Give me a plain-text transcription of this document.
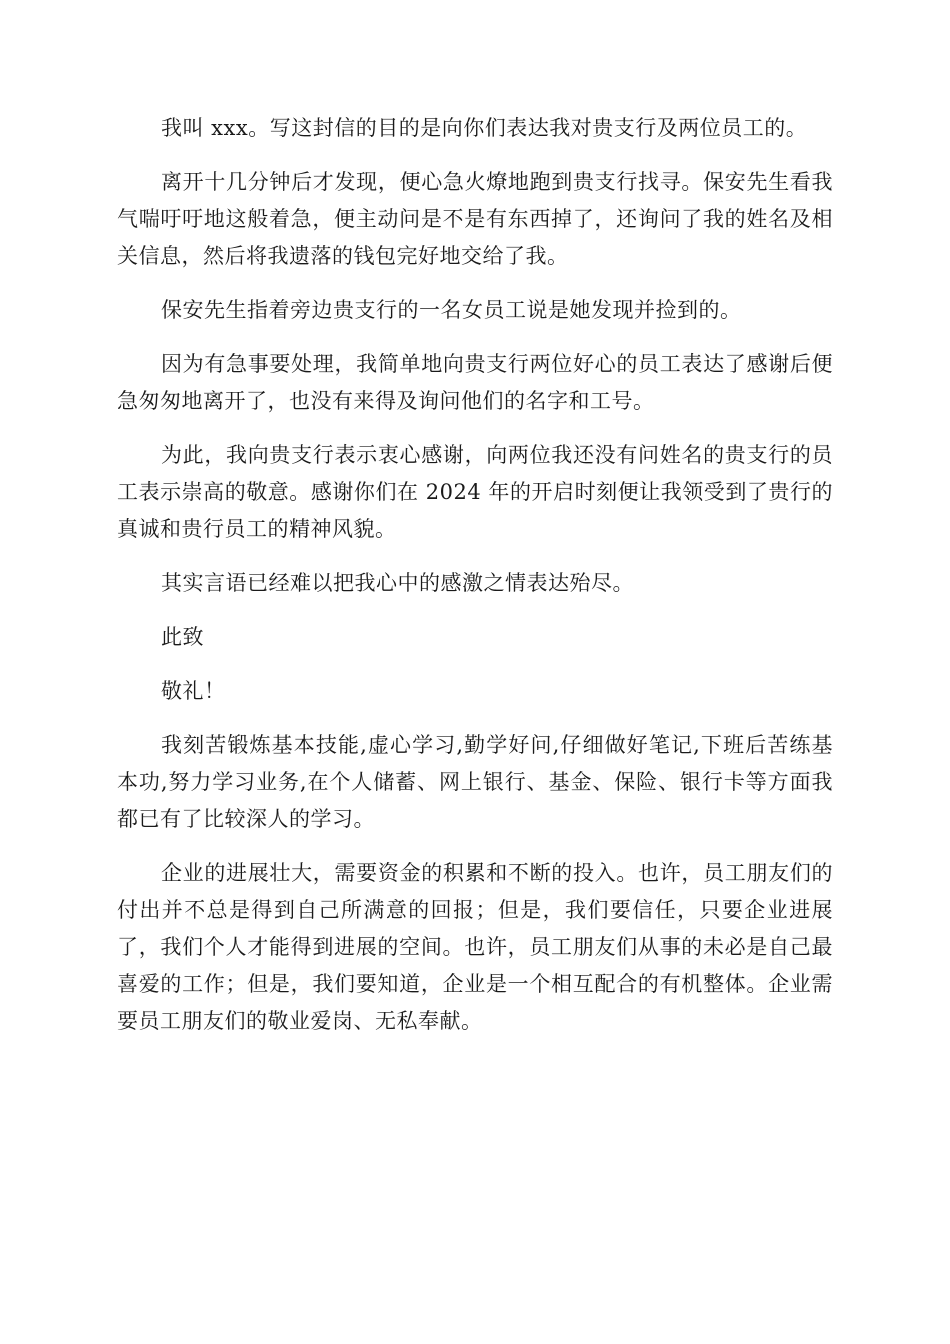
我叫 xxx。写这封信的目的是向你们表达我对贵支行及两位员工的。

离开十几分钟后才发现，便心急火燎地跑到贵支行找寻。保安先生看我气喘吁吁地这般着急，便主动问是不是有东西掉了，还询问了我的姓名及相关信息，然后将我遗落的钱包完好地交给了我。

保安先生指着旁边贵支行的一名女员工说是她发现并捡到的。

因为有急事要处理，我简单地向贵支行两位好心的员工表达了感谢后便急匆匆地离开了，也没有来得及询问他们的名字和工号。

为此，我向贵支行表示衷心感谢，向两位我还没有问姓名的贵支行的员工表示崇高的敬意。感谢你们在 2024 年的开启时刻便让我领受到了贵行的真诚和贵行员工的精神风貌。

其实言语已经难以把我心中的感激之情表达殆尽。

此致

敬礼！

我刻苦锻炼基本技能,虚心学习,勤学好问,仔细做好笔记,下班后苦练基本功,努力学习业务,在个人储蓄、网上银行、基金、保险、银行卡等方面我都已有了比较深人的学习。

企业的进展壮大，需要资金的积累和不断的投入。也许，员工朋友们的付出并不总是得到自己所满意的回报；但是，我们要信任，只要企业进展了，我们个人才能得到进展的空间。也许，员工朋友们从事的未必是自己最喜爱的工作；但是，我们要知道，企业是一个相互配合的有机整体。企业需要员工朋友们的敬业爱岗、无私奉献。
